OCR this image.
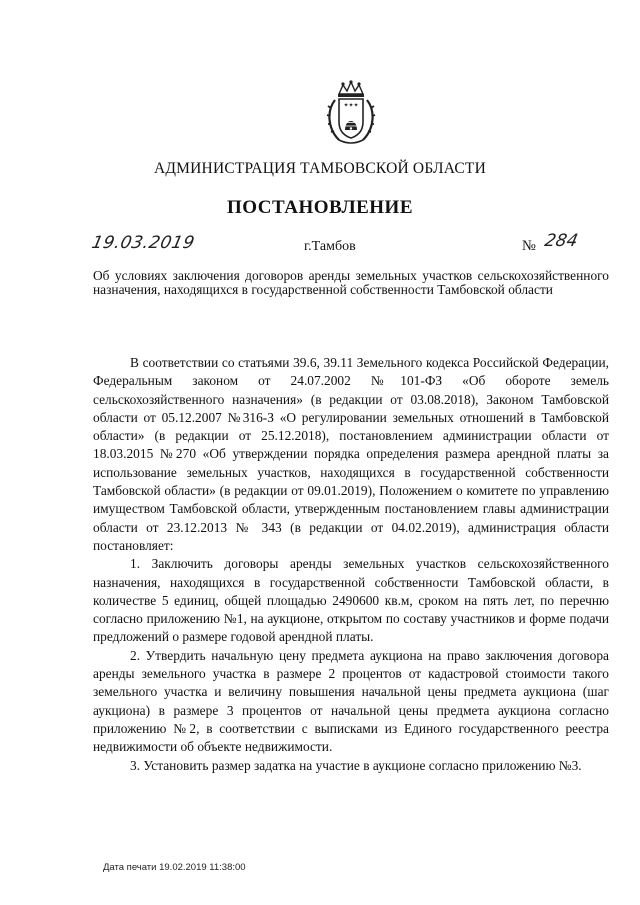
✦✦✦
АДМИНИСТРАЦИЯ ТАМБОВСКОЙ ОБЛАСТИ
ПОСТАНОВЛЕНИЕ
19.03.2019	г.Тамбов	№ 284
Об условиях заключения договоров аренды земельных участков сельскохозяйственного назначения, находящихся в государственной собственности Тамбовской области

В соответствии со статьями 39.6, 39.11 Земельного кодекса Российской Федерации, Федеральным законом от 24.07.2002 №101-ФЗ «Об обороте земель сельскохозяйственного назначения» (в редакции от 03.08.2018), Законом Тамбовской области от 05.12.2007 №316-З «О регулировании земельных отношений в Тамбовской области» (в редакции от 25.12.2018), постановлением администрации области от 18.03.2015 №270 «Об утверждении порядка определения размера арендной платы за использование земельных участков, находящихся в государственной собственности Тамбовской области» (в редакции от 09.01.2019), Положением о комитете по управлению имуществом Тамбовской области, утвержденным постановлением главы администрации области от 23.12.2013 № 343 (в редакции от 04.02.2019), администрация области постановляет:

1. Заключить договоры аренды земельных участков сельскохозяйственного назначения, находящихся в государственной собственности Тамбовской области, в количестве 5 единиц, общей площадью 2490600 кв.м, сроком на пять лет, по перечню согласно приложению №1, на аукционе, открытом по составу участников и форме подачи предложений о размере годовой арендной платы.

2. Утвердить начальную цену предмета аукциона на право заключения договора аренды земельного участка в размере 2 процентов от кадастровой стоимости такого земельного участка и величину повышения начальной цены предмета аукциона (шаг аукциона) в размере 3 процентов от начальной цены предмета аукциона согласно приложению №2, в соответствии с выписками из Единого государственного реестра недвижимости об объекте недвижимости.

3. Установить размер задатка на участие в аукционе согласно приложению №3.

Дата печати 19.02.2019 11:38:00
